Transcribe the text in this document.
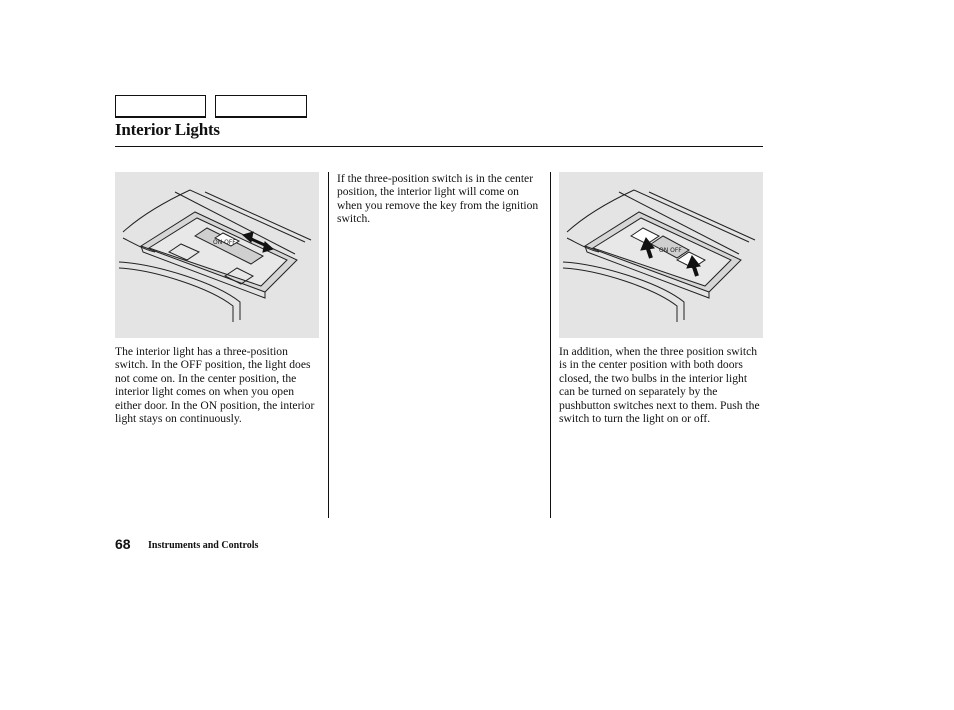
Interior Lights
ON OFF

The interior light has a three-position switch. In the OFF position, the light does not come on. In the center position, the interior light comes on when you open either door. In the ON position, the interior light stays on continuously.

If the three-position switch is in the center position, the interior light will come on when you remove the key from the ignition switch.

ON OFF

In addition, when the three position switch is in the center position with both doors closed, the two bulbs in the interior light can be turned on separately by the pushbutton switches next to them. Push the switch to turn the light on or off.

68 Instruments and Controls
